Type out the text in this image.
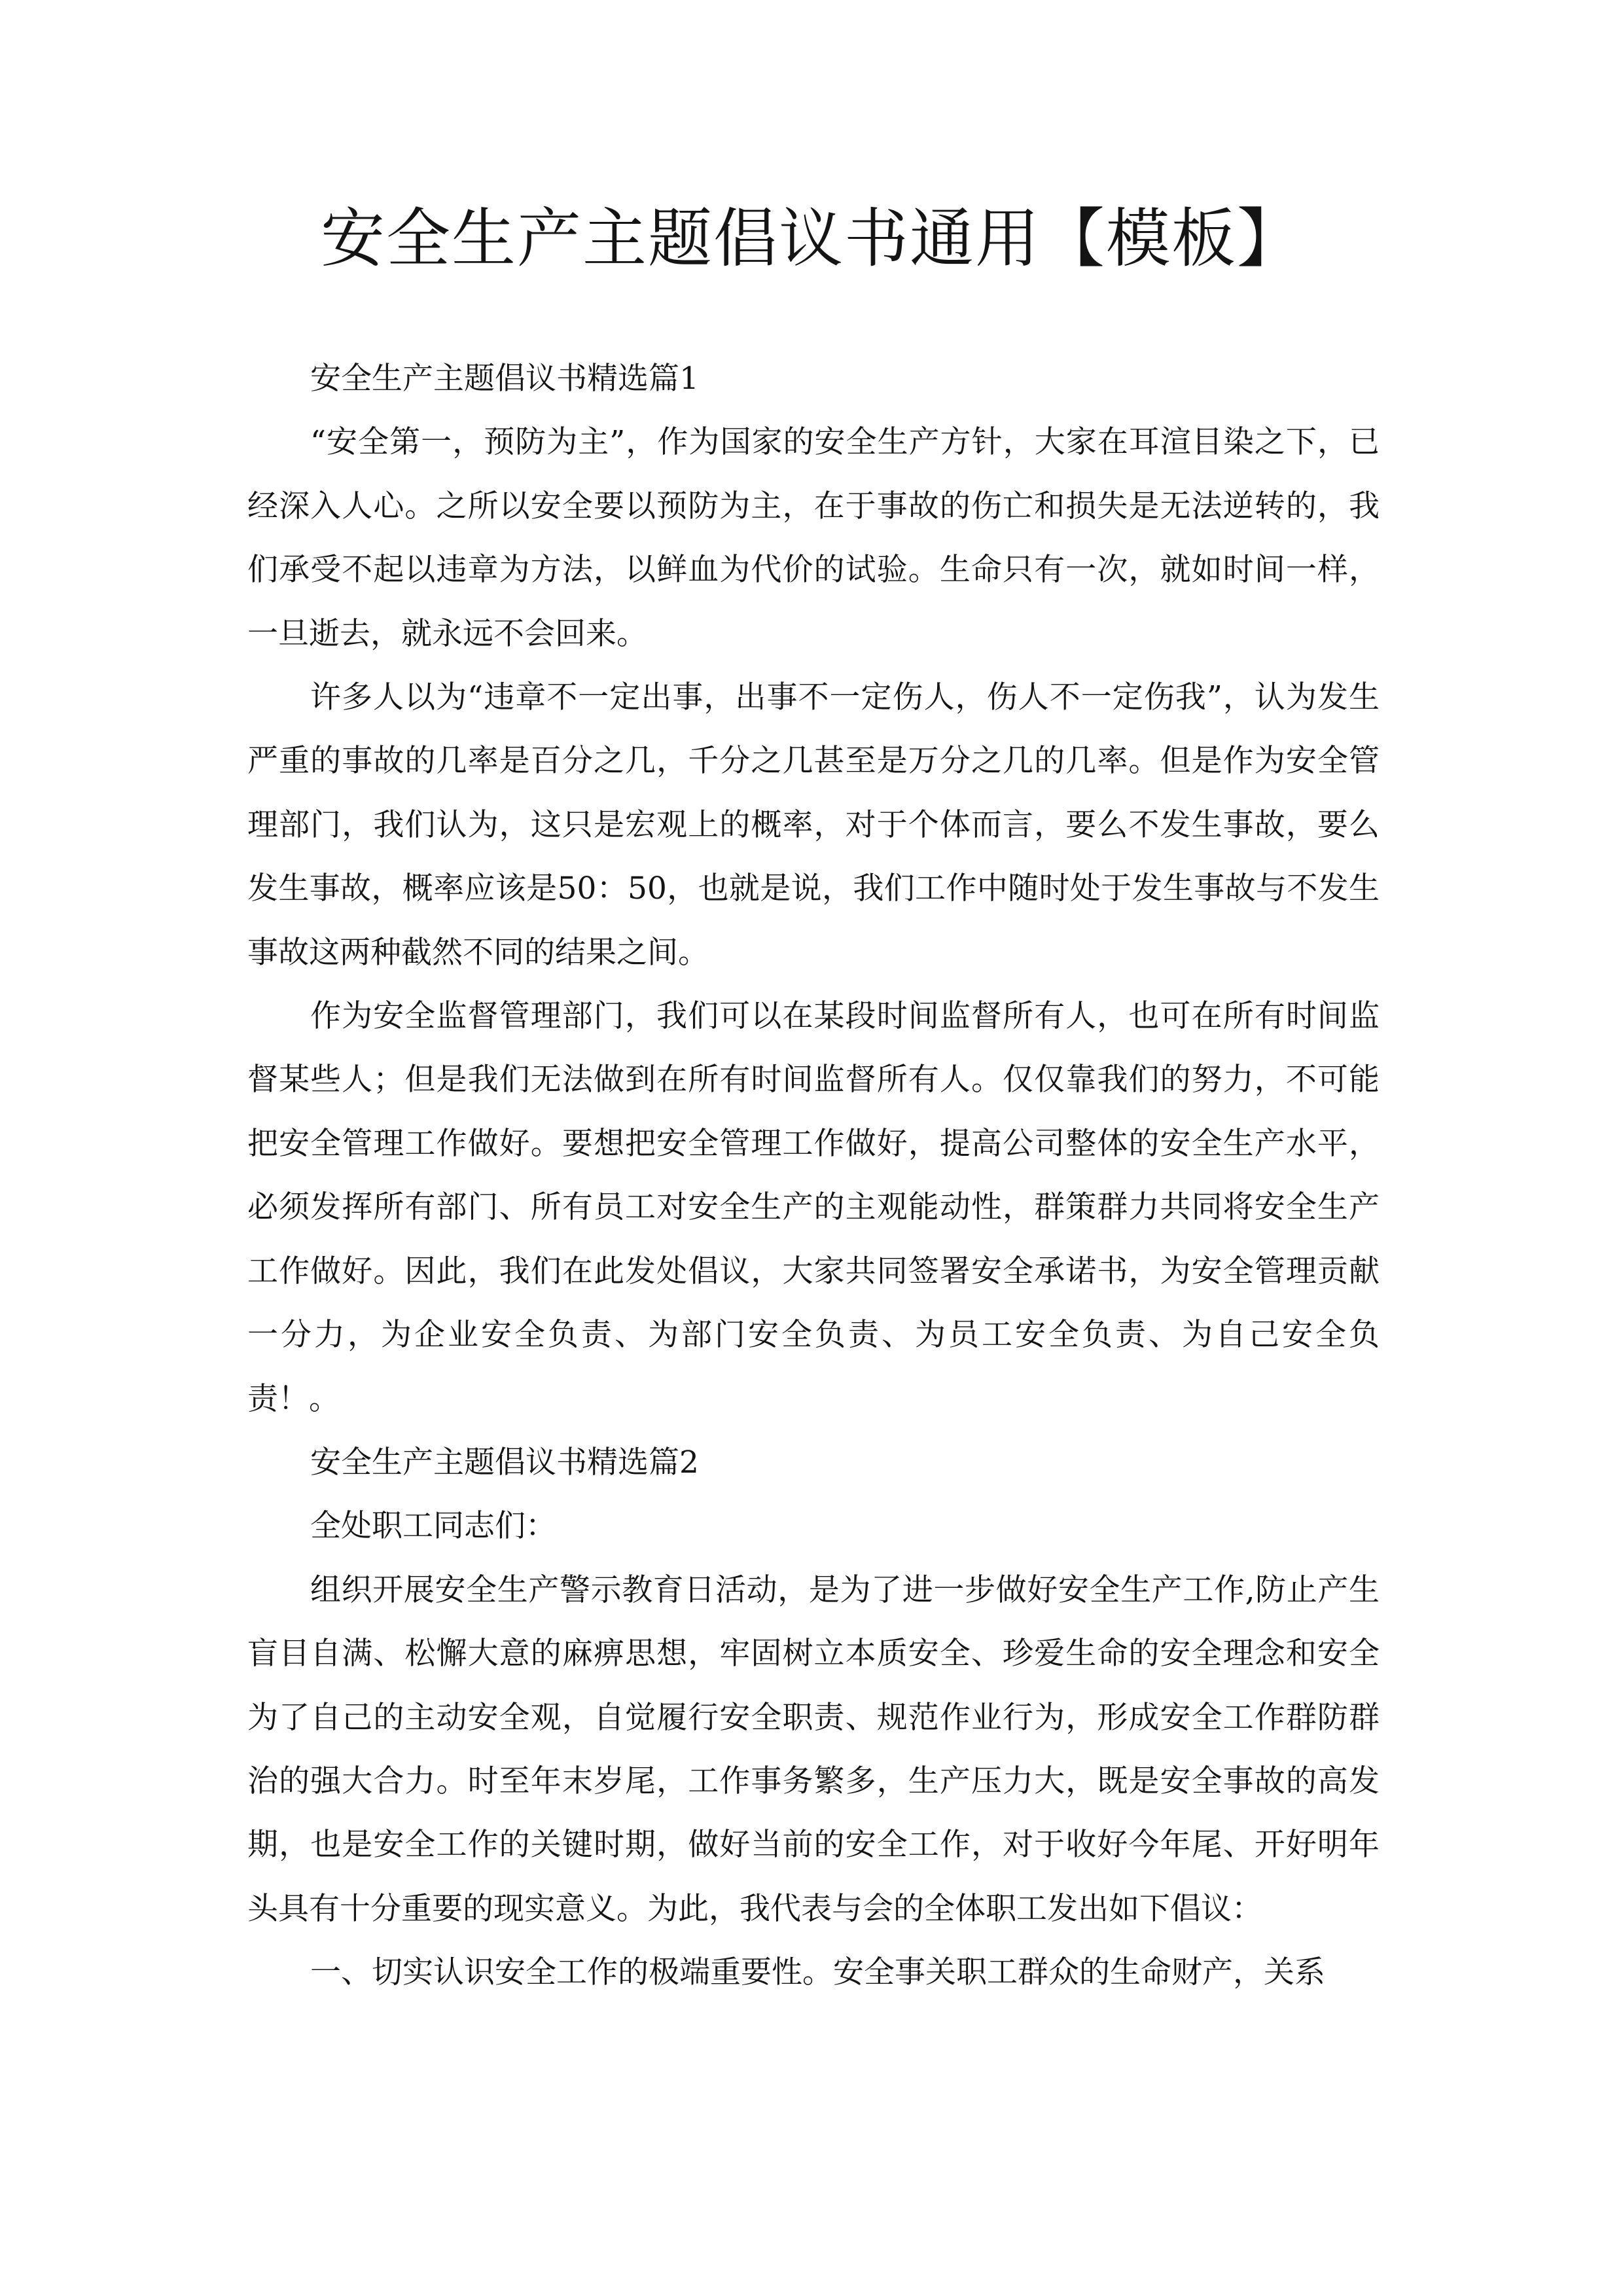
安全生产主题倡议书通用【模板】

安全生产主题倡议书精选篇1

“安全第一，预防为主”，作为国家的安全生产方针，大家在耳渲目染之下，已经深入人心。之所以安全要以预防为主，在于事故的伤亡和损失是无法逆转的，我们承受不起以违章为方法，以鲜血为代价的试验。生命只有一次，就如时间一样，一旦逝去，就永远不会回来。

许多人以为“违章不一定出事，出事不一定伤人，伤人不一定伤我”，认为发生严重的事故的几率是百分之几，千分之几甚至是万分之几的几率。但是作为安全管理部门，我们认为，这只是宏观上的概率，对于个体而言，要么不发生事故，要么发生事故，概率应该是50：50，也就是说，我们工作中随时处于发生事故与不发生事故这两种截然不同的结果之间。

作为安全监督管理部门，我们可以在某段时间监督所有人，也可在所有时间监督某些人；但是我们无法做到在所有时间监督所有人。仅仅靠我们的努力，不可能把安全管理工作做好。要想把安全管理工作做好，提高公司整体的安全生产水平，必须发挥所有部门、所有员工对安全生产的主观能动性，群策群力共同将安全生产工作做好。因此，我们在此发处倡议，大家共同签署安全承诺书，为安全管理贡献一分力，为企业安全负责、为部门安全负责、为员工安全负责、为自己安全负责！。

安全生产主题倡议书精选篇2

全处职工同志们：

组织开展安全生产警示教育日活动，是为了进一步做好安全生产工作,防止产生盲目自满、松懈大意的麻痹思想，牢固树立本质安全、珍爱生命的安全理念和安全为了自己的主动安全观，自觉履行安全职责、规范作业行为，形成安全工作群防群治的强大合力。时至年末岁尾，工作事务繁多，生产压力大，既是安全事故的高发期，也是安全工作的关键时期，做好当前的安全工作，对于收好今年尾、开好明年头具有十分重要的现实意义。为此，我代表与会的全体职工发出如下倡议：

一、切实认识安全工作的极端重要性。安全事关职工群众的生命财产，关系
